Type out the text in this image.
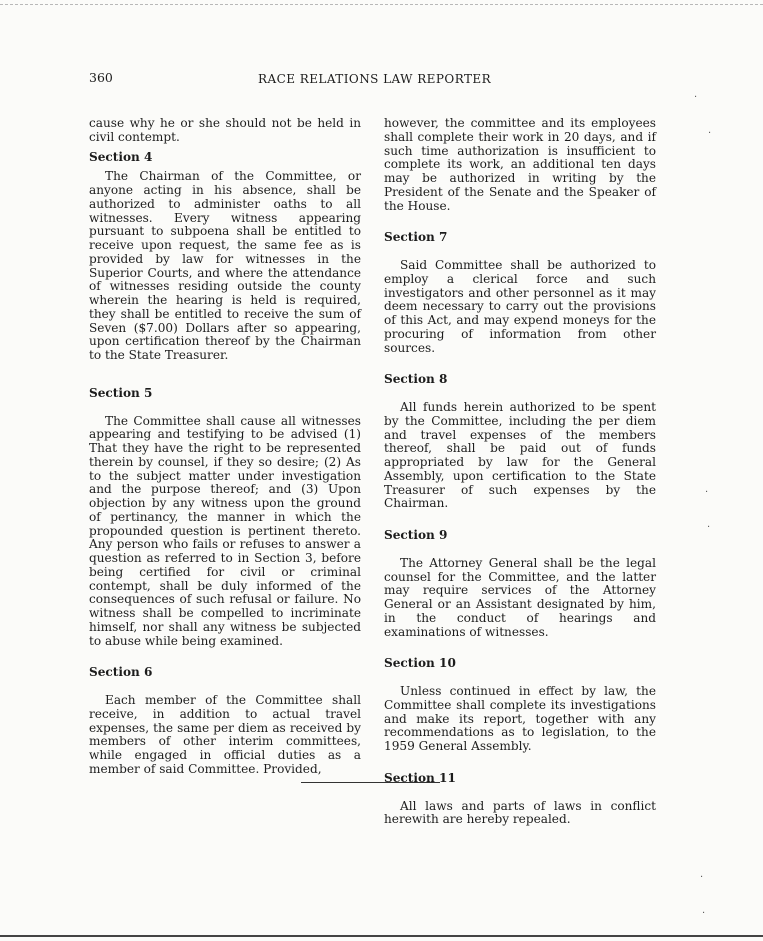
360	RACE RELATIONS LAW REPORTER

cause why he or she should not be held in civil contempt.

Section 4

The Chairman of the Committee, or anyone acting in his absence, shall be authorized to administer oaths to all witnesses. Every witness appearing pursuant to subpoena shall be entitled to receive upon request, the same fee as is provided by law for witnesses in the Superior Courts, and where the attendance of witnesses residing outside the county wherein the hearing is held is required, they shall be entitled to receive the sum of Seven ($7.00) Dollars after so appearing, upon certification thereof by the Chairman to the State Treasurer.

Section 5

The Committee shall cause all witnesses appearing and testifying to be advised (1) That they have the right to be represented therein by counsel, if they so desire; (2) As to the subject matter under investigation and the purpose thereof; and (3) Upon objection by any witness upon the ground of pertinancy, the manner in which the propounded question is pertinent thereto. Any person who fails or refuses to answer a question as referred to in Section 3, before being certified for civil or criminal contempt, shall be duly informed of the consequences of such refusal or failure. No witness shall be compelled to incriminate himself, nor shall any witness be subjected to abuse while being examined.

Section 6

Each member of the Committee shall receive, in addition to actual travel expenses, the same per diem as received by members of other interim committees, while engaged in official duties as a member of said Committee. Provided,

however, the committee and its employees shall complete their work in 20 days, and if such time authorization is insufficient to complete its work, an additional ten days may be authorized in writing by the President of the Senate and the Speaker of the House.

Section 7

Said Committee shall be authorized to employ a clerical force and such investigators and other personnel as it may deem necessary to carry out the provisions of this Act, and may expend moneys for the procuring of information from other sources.

Section 8

All funds herein authorized to be spent by the Committee, including the per diem and travel expenses of the members thereof, shall be paid out of funds appropriated by law for the General Assembly, upon certification to the State Treasurer of such expenses by the Chairman.

Section 9

The Attorney General shall be the legal counsel for the Committee, and the latter may require services of the Attorney General or an Assistant designated by him, in the conduct of hearings and examinations of witnesses.

Section 10

Unless continued in effect by law, the Committee shall complete its investigations and make its report, together with any recommendations as to legislation, to the 1959 General Assembly.

Section 11

All laws and parts of laws in conflict herewith are hereby repealed.

·
·
·
·
·
·
